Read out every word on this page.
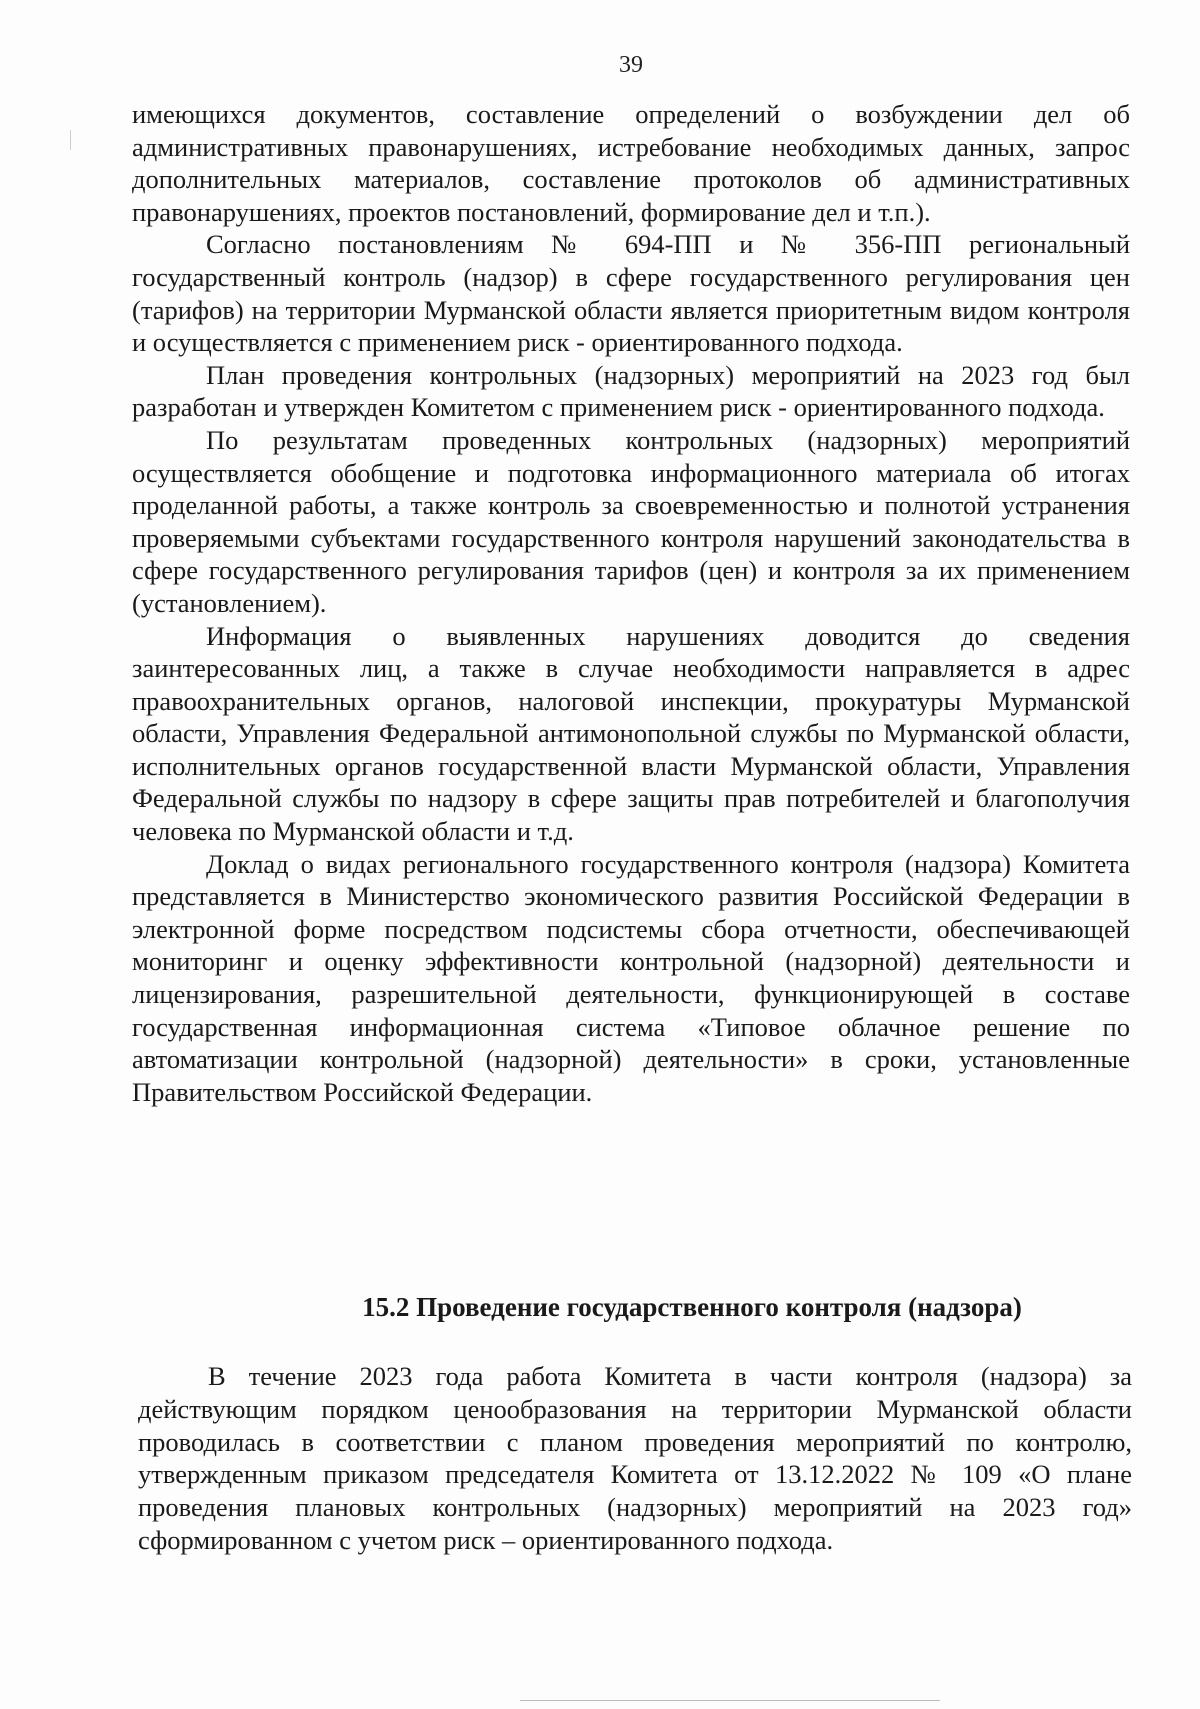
39

имеющихся документов, составление определений о возбуждении дел об административных правонарушениях, истребование необходимых данных, запрос дополнительных материалов, составление протоколов об административных правонарушениях, проектов постановлений, формирование дел и т.п.).

Согласно постановлениям № 694-ПП и № 356-ПП региональный государственный контроль (надзор) в сфере государственного регулирования цен (тарифов) на территории Мурманской области является приоритетным видом контроля и осуществляется с применением риск - ориентированного подхода.

План проведения контрольных (надзорных) мероприятий на 2023 год был разработан и утвержден Комитетом с применением риск - ориентированного подхода.

По результатам проведенных контрольных (надзорных) мероприятий осуществляется обобщение и подготовка информационного материала об итогах проделанной работы, а также контроль за своевременностью и полнотой устранения проверяемыми субъектами государственного контроля нарушений законодательства в сфере государственного регулирования тарифов (цен) и контроля за их применением (установлением).

Информация о выявленных нарушениях доводится до сведения заинтересованных лиц, а также в случае необходимости направляется в адрес правоохранительных органов, налоговой инспекции, прокуратуры Мурманской области, Управления Федеральной антимонопольной службы по Мурманской области, исполнительных органов государственной власти Мурманской области, Управления Федеральной службы по надзору в сфере защиты прав потребителей и благополучия человека по Мурманской области и т.д.

Доклад о видах регионального государственного контроля (надзора) Комитета представляется в Министерство экономического развития Российской Федерации в электронной форме посредством подсистемы сбора отчетности, обеспечивающей мониторинг и оценку эффективности контрольной (надзорной) деятельности и лицензирования, разрешительной деятельности, функционирующей в составе государственная информационная система «Типовое облачное решение по автоматизации контрольной (надзорной) деятельности» в сроки, установленные Правительством Российской Федерации.

15.2 Проведение государственного контроля (надзора)

В течение 2023 года работа Комитета в части контроля (надзора) за действующим порядком ценообразования на территории Мурманской области проводилась в соответствии с планом проведения мероприятий по контролю, утвержденным приказом председателя Комитета от 13.12.2022 № 109 «О плане проведения плановых контрольных (надзорных) мероприятий на 2023 год» сформированном с учетом риск – ориентированного подхода.
